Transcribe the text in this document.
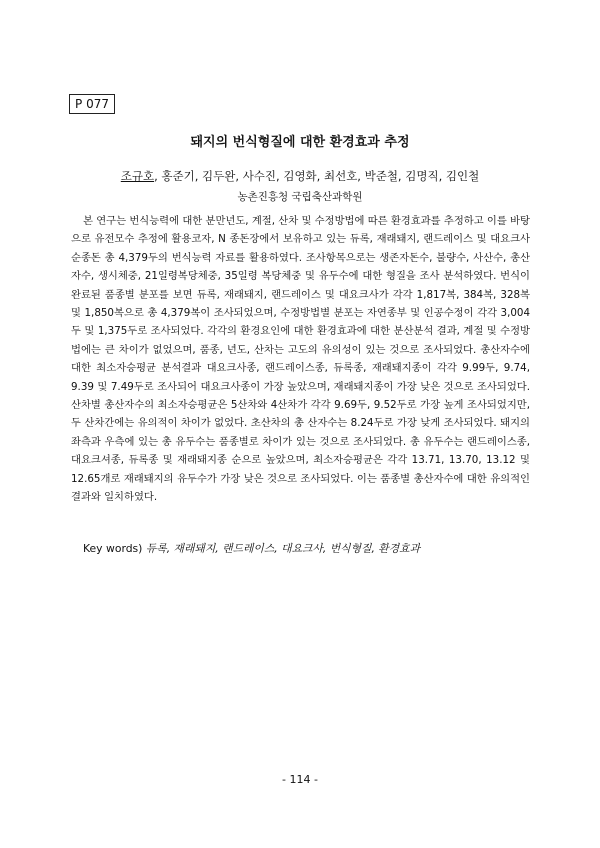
P 077
돼지의 번식형질에 대한 환경효과 추정
조규호, 홍준기, 김두완, 사수진, 김영화, 최선호, 박준철, 김명직, 김인철
농촌진흥청 국립축산과학원

본 연구는 번식능력에 대한 분만년도, 계절, 산차 및 수정방법에 따른 환경효과를 추정하고 이를 바탕으로 유전모수 추정에 활용코자, N 종돈장에서 보유하고 있는 듀록, 재래돼지, 랜드레이스 및 대요크사 순종돈 총 4,379두의 번식능력 자료를 활용하였다. 조사항목으로는 생존자돈수, 불량수, 사산수, 총산자수, 생시체중, 21일령복당체중, 35일령 복당체중 및 유두수에 대한 형질을 조사 분석하였다. 번식이 완료된 품종별 분포를 보면 듀록, 재래돼지, 랜드레이스 및 대요크사가 각각 1,817복, 384복, 328복 및 1,850복으로 총 4,379복이 조사되었으며, 수정방법별 분포는 자연종부 및 인공수정이 각각 3,004두 및 1,375두로 조사되었다. 각각의 환경요인에 대한 환경효과에 대한 분산분석 결과, 계절 및 수정방법에는 큰 차이가 없었으며, 품종, 년도, 산차는 고도의 유의성이 있는 것으로 조사되었다. 총산자수에 대한 최소자승평균 분석결과 대요크사종, 랜드레이스종, 듀록종, 재래돼지종이 각각 9.99두, 9.74, 9.39 및 7.49두로 조사되어 대요크사종이 가장 높았으며, 재래돼지종이 가장 낮은 것으로 조사되었다. 산차별 총산자수의 최소자승평균은 5산차와 4산차가 각각 9.69두, 9.52두로 가장 높게 조사되었지만, 두 산차간에는 유의적이 차이가 없었다. 초산차의 총 산자수는 8.24두로 가장 낮게 조사되었다. 돼지의 좌측과 우측에 있는 총 유두수는 품종별로 차이가 있는 것으로 조사되었다. 총 유두수는 랜드레이스종, 대요크셔종, 듀록종 및 재래돼지종 순으로 높았으며, 최소자승평균은 각각 13.71, 13.70, 13.12 및 12.65개로 재래돼지의 유두수가 가장 낮은 것으로 조사되었다. 이는 품종별 총산자수에 대한 유의적인 결과와 일치하였다.

Key words) 듀록, 재래돼지, 랜드레이스, 대요크사, 번식형질, 환경효과
- 114 -
